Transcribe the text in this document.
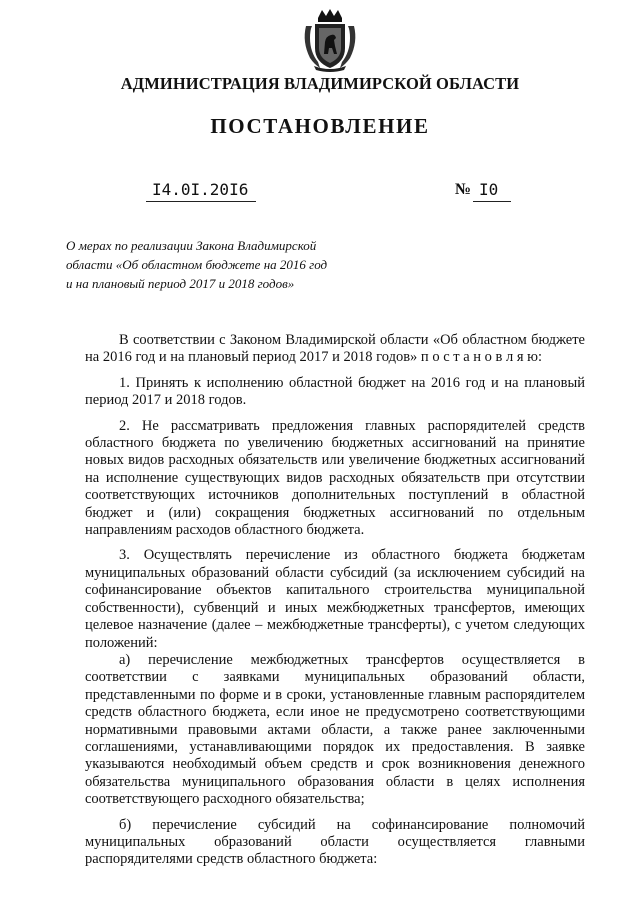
АДМИНИСТРАЦИЯ ВЛАДИМИРСКОЙ ОБЛАСТИ
ПОСТАНОВЛЕНИЕ
I4.0I.20I6	№ I0
О мерах по реализации Закона Владимирской
области «Об областном бюджете на 2016 год
и на плановый период 2017 и 2018 годов»

В соответствии с Законом Владимирской области «Об областном бюджете на 2016 год и на плановый период 2017 и 2018 годов» п о с т а н о в л я ю:

1. Принять к исполнению областной бюджет на 2016 год и на плановый период 2017 и 2018 годов.

2. Не рассматривать предложения главных распорядителей средств областного бюджета по увеличению бюджетных ассигнований на принятие новых видов расходных обязательств или увеличение бюджетных ассигнований на исполнение существующих видов расходных обязательств при отсутствии соответствующих источников дополнительных поступлений в областной бюджет и (или) сокращения бюджетных ассигнований по отдельным направлениям расходов областного бюджета.

3. Осуществлять перечисление из областного бюджета бюджетам муниципальных образований области субсидий (за исключением субсидий на софинансирование объектов капитального строительства муниципальной собственности), субвенций и иных межбюджетных трансфертов, имеющих целевое назначение (далее – межбюджетные трансферты), с учетом следующих положений:

а) перечисление межбюджетных трансфертов осуществляется в соответствии с заявками муниципальных образований области, представленными по форме и в сроки, установленные главным распорядителем средств областного бюджета, если иное не предусмотрено соответствующими нормативными правовыми актами области, а также ранее заключенными соглашениями, устанавливающими порядок их предоставления. В заявке указываются необходимый объем средств и срок возникновения денежного обязательства муниципального образования области в целях исполнения соответствующего расходного обязательства;

б) перечисление субсидий на софинансирование полномочий муниципальных образований области осуществляется главными распорядителями средств областного бюджета:
